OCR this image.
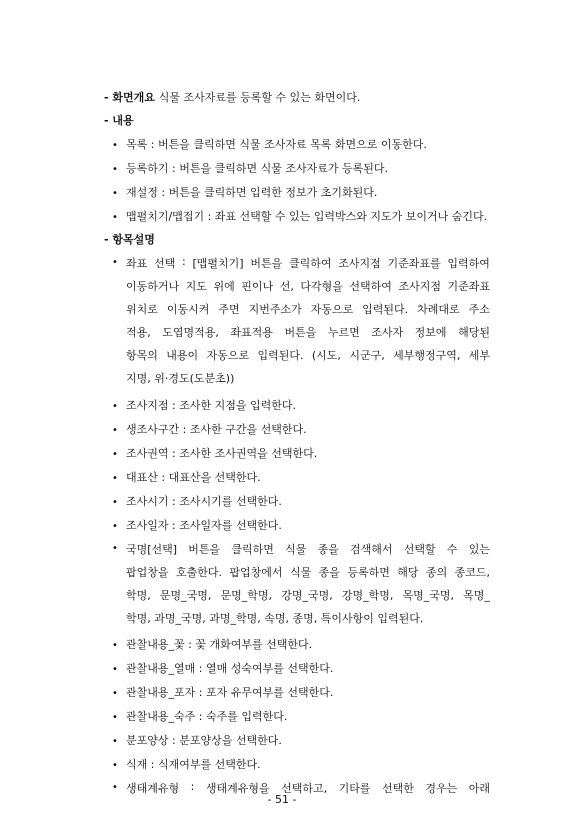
- 화면개요 식물 조사자료를 등록할 수 있는 화면이다.
- 내용
• 목록 : 버튼을 클릭하면 식물 조사자료 목록 화면으로 이동한다.
• 등록하기 : 버튼을 클릭하면 식물 조사자료가 등록된다.
• 재설정 : 버튼을 클릭하면 입력한 정보가 초기화된다.
• 맵펼치기/맵접기 : 좌표 선택할 수 있는 입력박스와 지도가 보이거나 숨긴다.
- 항목설명
• 좌표 선택 : [맵펼치기] 버튼을 클릭하여 조사지점 기준좌표를 입력하여
이동하거나 지도 위에 핀이나 선, 다각형을 선택하여 조사지점 기준좌표
위치로 이동시켜 주면 지번주소가 자동으로 입력된다. 차례대로 주소
적용, 도엽명적용, 좌표적용 버튼을 누르면 조사자 정보에 해당된
항목의 내용이 자동으로 입력된다. (시도, 시군구, 세부행정구역, 세부
지명, 위·경도(도분초))
• 조사지점 : 조사한 지점을 입력한다.
• 생조사구간 : 조사한 구간을 선택한다.
• 조사권역 : 조사한 조사권역을 선택한다.
• 대표산 : 대표산을 선택한다.
• 조사시기 : 조사시기를 선택한다.
• 조사일자 : 조사일자를 선택한다.
• 국명[선택] 버튼을 클릭하면 식물 종을 검색해서 선택할 수 있는
팝업창을 호출한다. 팝업창에서 식물 종을 등록하면 해당 종의 종코드,
학명, 문명_국명, 문명_학명, 강명_국명, 강명_학명, 목명_국명, 목명_
학명, 과명_국명, 과명_학명, 속명, 종명, 특이사항이 입력된다.
• 관찰내용_꽃 : 꽃 개화여부를 선택한다.
• 관찰내용_열매 : 열매 성숙여부를 선택한다.
• 관찰내용_포자 : 포자 유무여부를 선택한다.
• 관찰내용_숙주 : 숙주를 입력한다.
• 분포양상 : 분포양상을 선택한다.
• 식재 : 식재여부를 선택한다.
• 생태계유형 : 생태계유형을 선택하고, 기타를 선택한 경우는 아래
- 51 -
